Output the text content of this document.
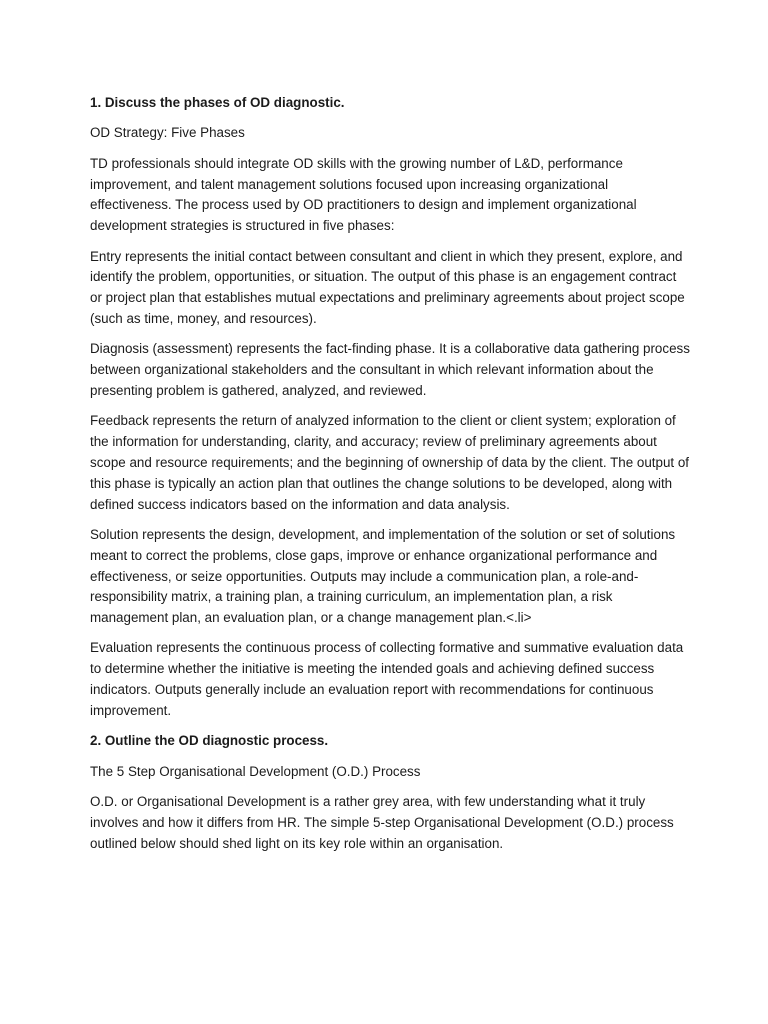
1. Discuss the phases of OD diagnostic.

OD Strategy: Five Phases

TD professionals should integrate OD skills with the growing number of L&D, performance improvement, and talent management solutions focused upon increasing organizational effectiveness. The process used by OD practitioners to design and implement organizational development strategies is structured in five phases:

Entry represents the initial contact between consultant and client in which they present, explore, and identify the problem, opportunities, or situation. The output of this phase is an engagement contract or project plan that establishes mutual expectations and preliminary agreements about project scope (such as time, money, and resources).

Diagnosis (assessment) represents the fact-finding phase. It is a collaborative data gathering process between organizational stakeholders and the consultant in which relevant information about the presenting problem is gathered, analyzed, and reviewed.

Feedback represents the return of analyzed information to the client or client system; exploration of the information for understanding, clarity, and accuracy; review of preliminary agreements about scope and resource requirements; and the beginning of ownership of data by the client. The output of this phase is typically an action plan that outlines the change solutions to be developed, along with defined success indicators based on the information and data analysis.

Solution represents the design, development, and implementation of the solution or set of solutions meant to correct the problems, close gaps, improve or enhance organizational performance and effectiveness, or seize opportunities. Outputs may include a communication plan, a role-and-responsibility matrix, a training plan, a training curriculum, an implementation plan, a risk management plan, an evaluation plan, or a change management plan.<.li>

Evaluation represents the continuous process of collecting formative and summative evaluation data to determine whether the initiative is meeting the intended goals and achieving defined success indicators. Outputs generally include an evaluation report with recommendations for continuous improvement.

2. Outline the OD diagnostic process.

The 5 Step Organisational Development (O.D.) Process

O.D. or Organisational Development is a rather grey area, with few understanding what it truly involves and how it differs from HR. The simple 5-step Organisational Development (O.D.) process outlined below should shed light on its key role within an organisation.
